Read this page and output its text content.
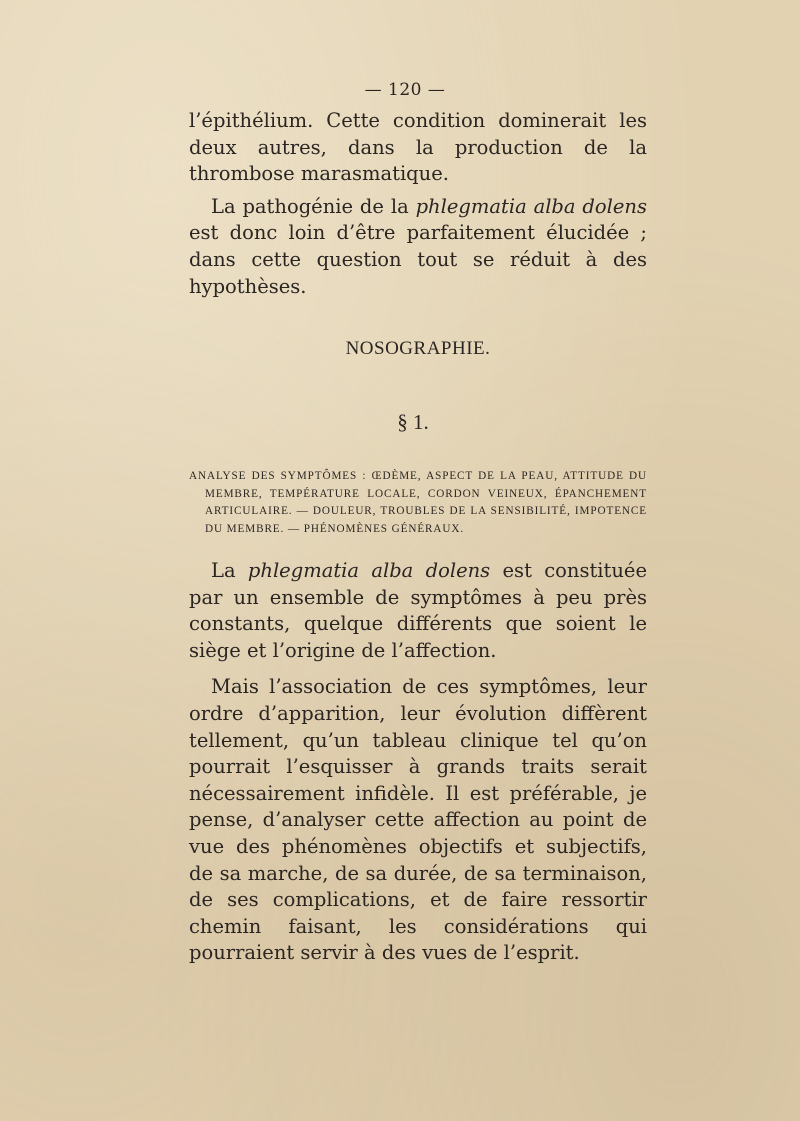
— 120 —

l’épithélium. Cette condition dominerait les deux autres, dans la production de la thrombose marasmatique.

La pathogénie de la phlegmatia alba dolens est donc loin d’être parfaitement élucidée ; dans cette question tout se réduit à des hypothèses.

NOSOGRAPHIE.
§ 1.

ANALYSE DES SYMPTÔMES : ŒDÈME, ASPECT DE LA PEAU, ATTITUDE DU MEMBRE, TEMPÉRATURE LOCALE, CORDON VEINEUX, ÉPANCHEMENT ARTICULAIRE. — DOULEUR, TROUBLES DE LA SENSIBILITÉ, IMPOTENCE DU MEMBRE. — PHÉNOMÈNES GÉNÉRAUX.

La phlegmatia alba dolens est constituée par un ensemble de symptômes à peu près constants, quelque différents que soient le siège et l’origine de l’affection.

Mais l’association de ces symptômes, leur ordre d’apparition, leur évolution diffèrent tellement, qu’un tableau clinique tel qu’on pourrait l’esquisser à grands traits serait nécessairement infidèle. Il est préférable, je pense, d’analyser cette affection au point de vue des phénomènes objectifs et subjectifs, de sa marche, de sa durée, de sa terminaison, de ses complications, et de faire ressortir chemin faisant, les considérations qui pourraient servir à des vues de l’esprit.
